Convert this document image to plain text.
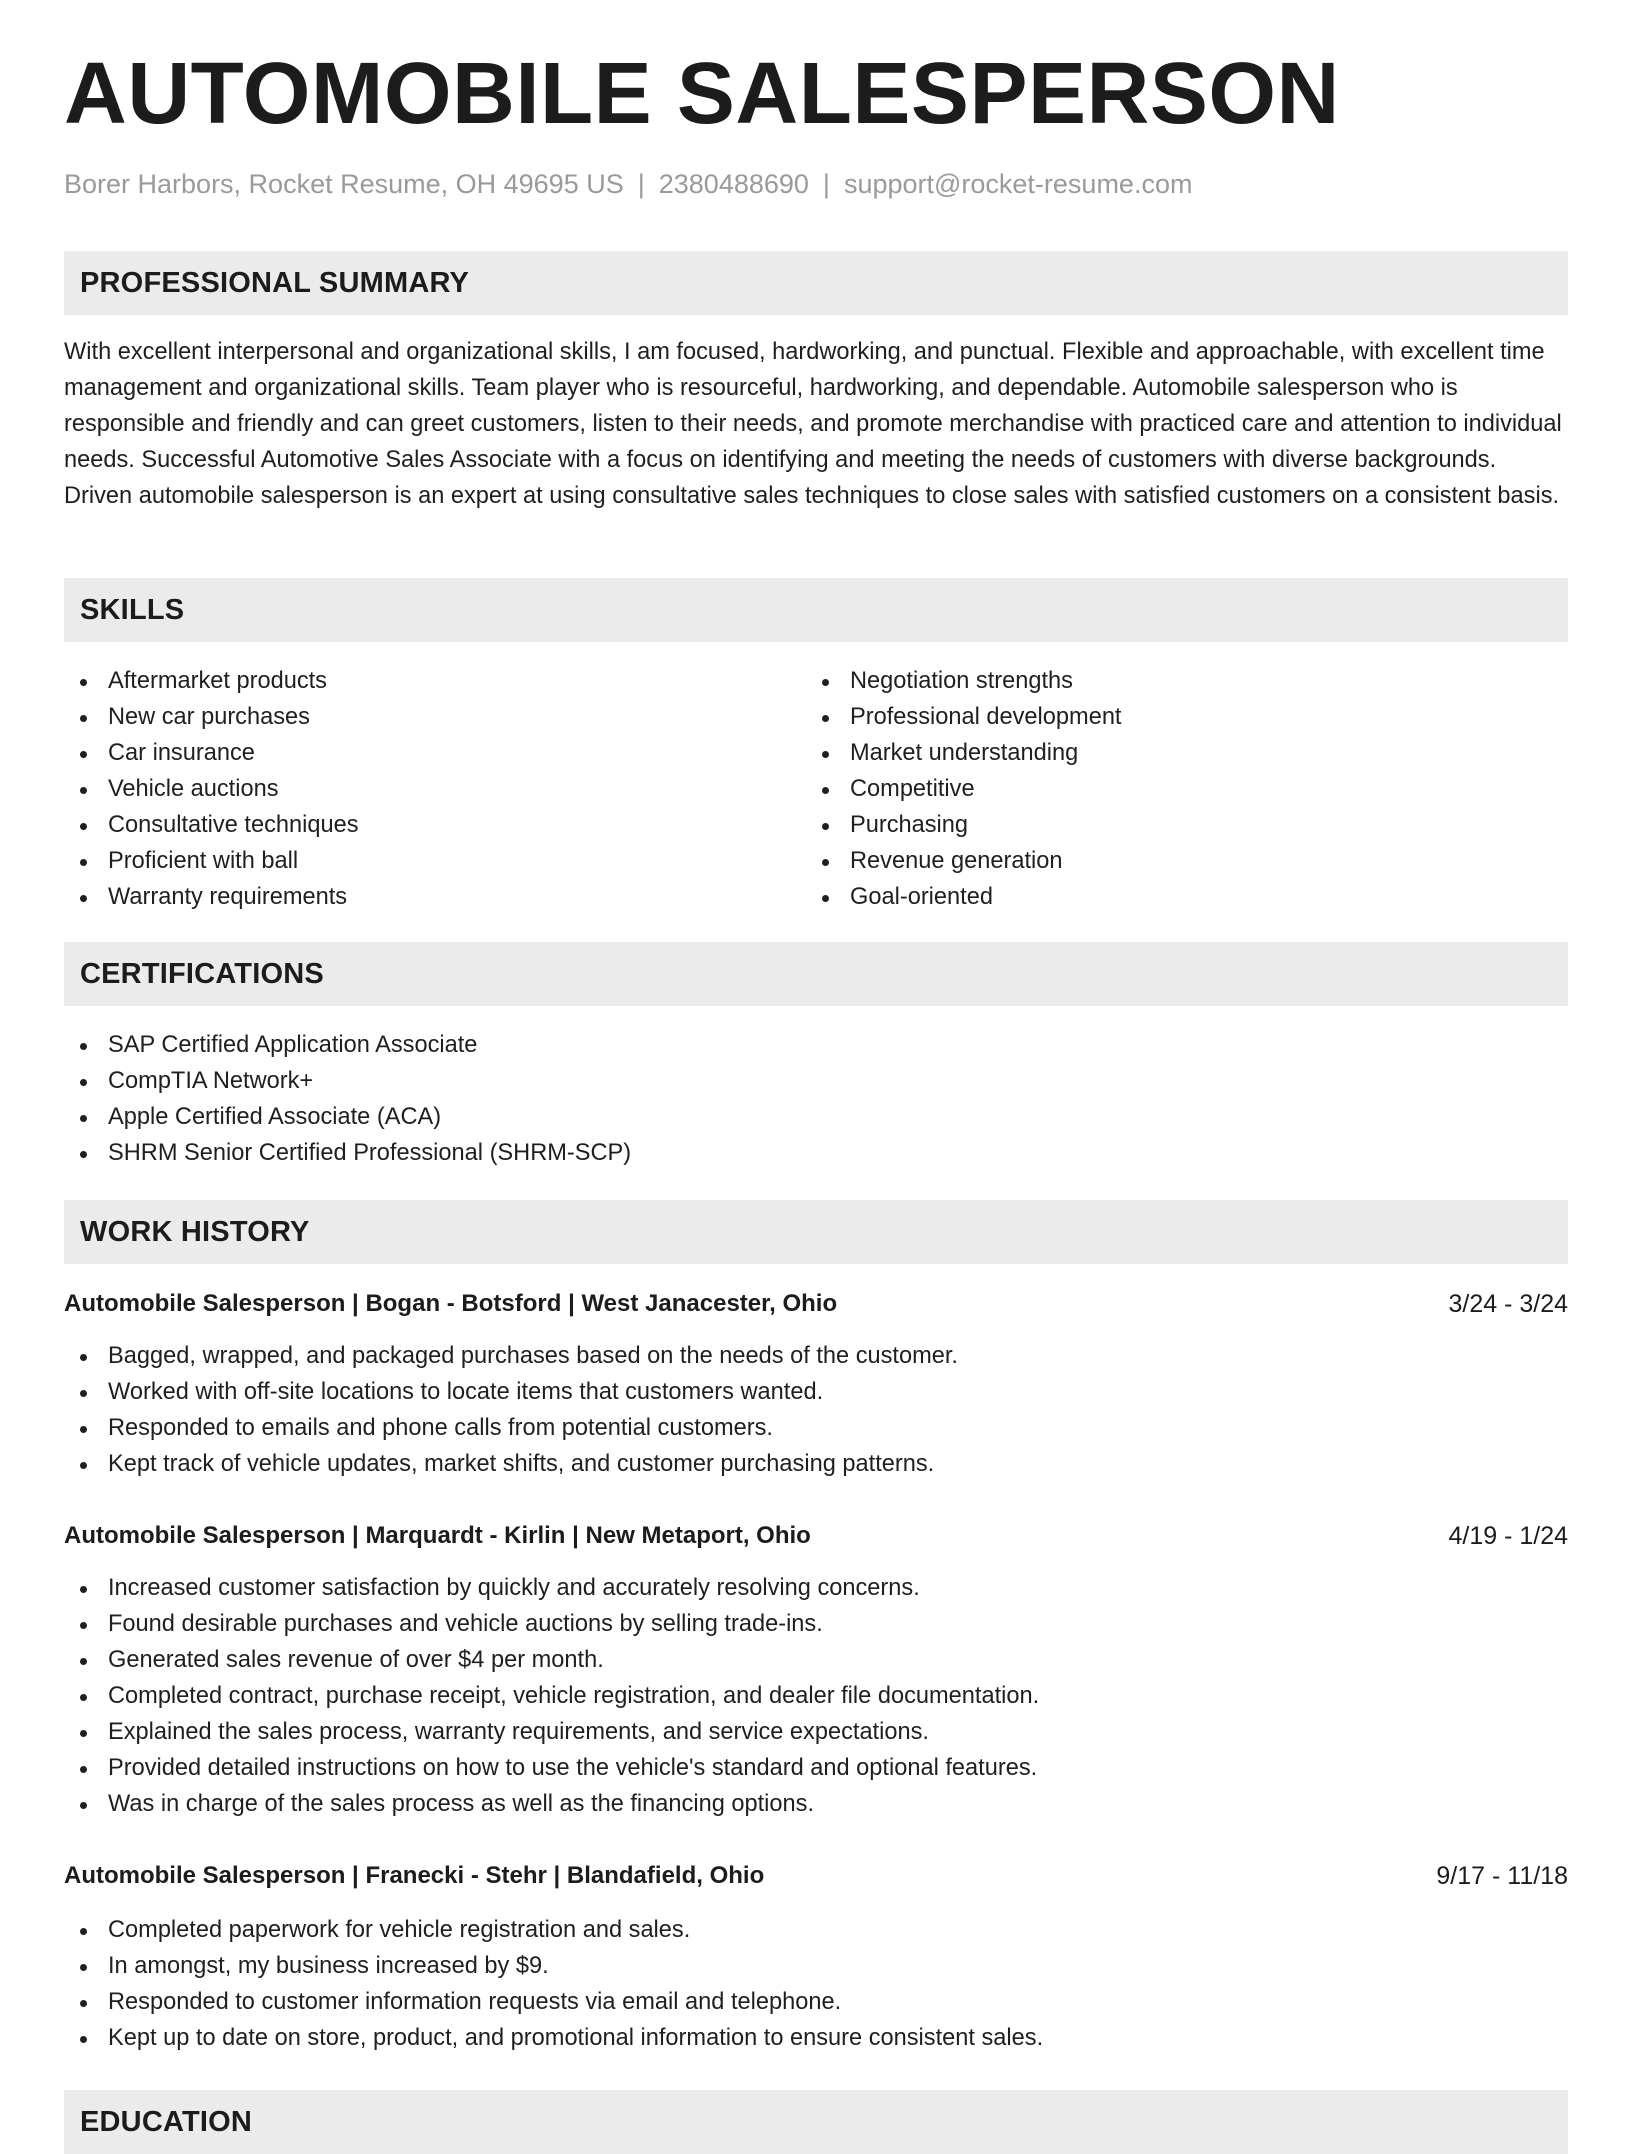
AUTOMOBILE SALESPERSON
Borer Harbors, Rocket Resume, OH 49695 US | 2380488690 | support@rocket-resume.com
PROFESSIONAL SUMMARY

With excellent interpersonal and organizational skills, I am focused, hardworking, and punctual. Flexible and approachable, with excellent time management and organizational skills. Team player who is resourceful, hardworking, and dependable. Automobile salesperson who is responsible and friendly and can greet customers, listen to their needs, and promote merchandise with practiced care and attention to individual needs. Successful Automotive Sales Associate with a focus on identifying and meeting the needs of customers with diverse backgrounds. Driven automobile salesperson is an expert at using consultative sales techniques to close sales with satisfied customers on a consistent basis.

SKILLS
Aftermarket products
New car purchases
Car insurance
Vehicle auctions
Consultative techniques
Proficient with ball
Warranty requirements
Negotiation strengths
Professional development
Market understanding
Competitive
Purchasing
Revenue generation
Goal-oriented
CERTIFICATIONS
SAP Certified Application Associate
CompTIA Network+
Apple Certified Associate (ACA)
SHRM Senior Certified Professional (SHRM-SCP)
WORK HISTORY
Automobile Salesperson | Bogan - Botsford | West Janacester, Ohio	3/24 - 3/24
Bagged, wrapped, and packaged purchases based on the needs of the customer.
Worked with off-site locations to locate items that customers wanted.
Responded to emails and phone calls from potential customers.
Kept track of vehicle updates, market shifts, and customer purchasing patterns.
Automobile Salesperson | Marquardt - Kirlin | New Metaport, Ohio	4/19 - 1/24
Increased customer satisfaction by quickly and accurately resolving concerns.
Found desirable purchases and vehicle auctions by selling trade-ins.
Generated sales revenue of over $4 per month.
Completed contract, purchase receipt, vehicle registration, and dealer file documentation.
Explained the sales process, warranty requirements, and service expectations.
Provided detailed instructions on how to use the vehicle's standard and optional features.
Was in charge of the sales process as well as the financing options.
Automobile Salesperson | Franecki - Stehr | Blandafield, Ohio	9/17 - 11/18
Completed paperwork for vehicle registration and sales.
In amongst, my business increased by $9.
Responded to customer information requests via email and telephone.
Kept up to date on store, product, and promotional information to ensure consistent sales.
EDUCATION
